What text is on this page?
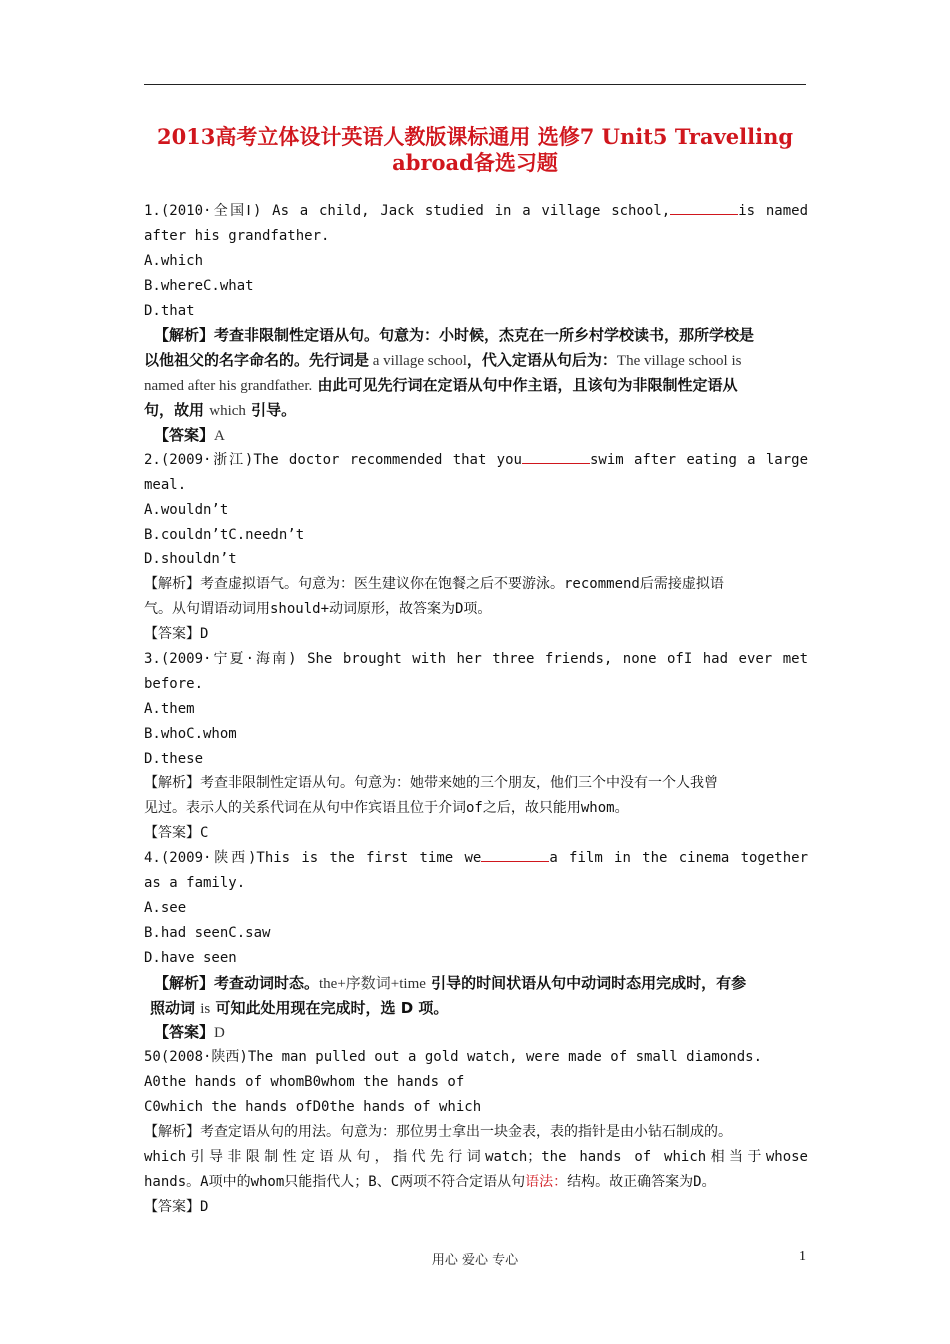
2013高考立体设计英语人教版课标通用 选修7 Unit5 Travelling
abroad备选习题
1.(2010·全国Ⅰ) As a child, Jack studied in a village school,	is named
after his grandfather.
A.which
B.whereC.what
D.that
【解析】考查非限制性定语从句。句意为：小时候，杰克在一所乡村学校读书，那所学校是
以他祖父的名字命名的。先行词是 a village school，代入定语从句后为：The village school is
named after his grandfather. 由此可见先行词在定语从句中作主语，且该句为非限制性定语从
句，故用 which 引导。
【答案】A
2.(2009·浙江)The doctor recommended that you	swim after eating a large
meal.
A.wouldn’t
B.couldn’tC.needn’t
D.shouldn’t
【解析】考查虚拟语气。句意为：医生建议你在饱餐之后不要游泳。recommend后需接虚拟语
气。从句谓语动词用should+动词原形，故答案为D项。
【答案】D
3.(2009·宁夏·海南) She brought with her three friends, none ofI had ever met
before.
A.them
B.whoC.whom
D.these
【解析】考查非限制性定语从句。句意为：她带来她的三个朋友，他们三个中没有一个人我曾
见过。表示人的关系代词在从句中作宾语且位于介词of之后，故只能用whom。
【答案】C
4.(2009·陕西)This is the first time we	a film in the cinema together
as a family.
A.see
B.had seenC.saw
D.have seen
【解析】考查动词时态。the+序数词+time 引导的时间状语从句中动词时态用完成时，有参
照动词 is 可知此处用现在完成时，选 D 项。
【答案】D
50(2008·陕西)The man pulled out a gold watch, were made of small diamonds.
A0the hands of whomB0whom the hands of
C0which the hands ofD0the hands of which
【解析】考查定语从句的用法。句意为：那位男士拿出一块金表，表的指针是由小钻石制成的。
which引导非限制性定语从句，指代先行词watch；the hands of which相当于whose
hands。A项中的whom只能指代人；B、C两项不符合定语从句语法：结构。故正确答案为D。
【答案】D
用心 爱心 专心	1
